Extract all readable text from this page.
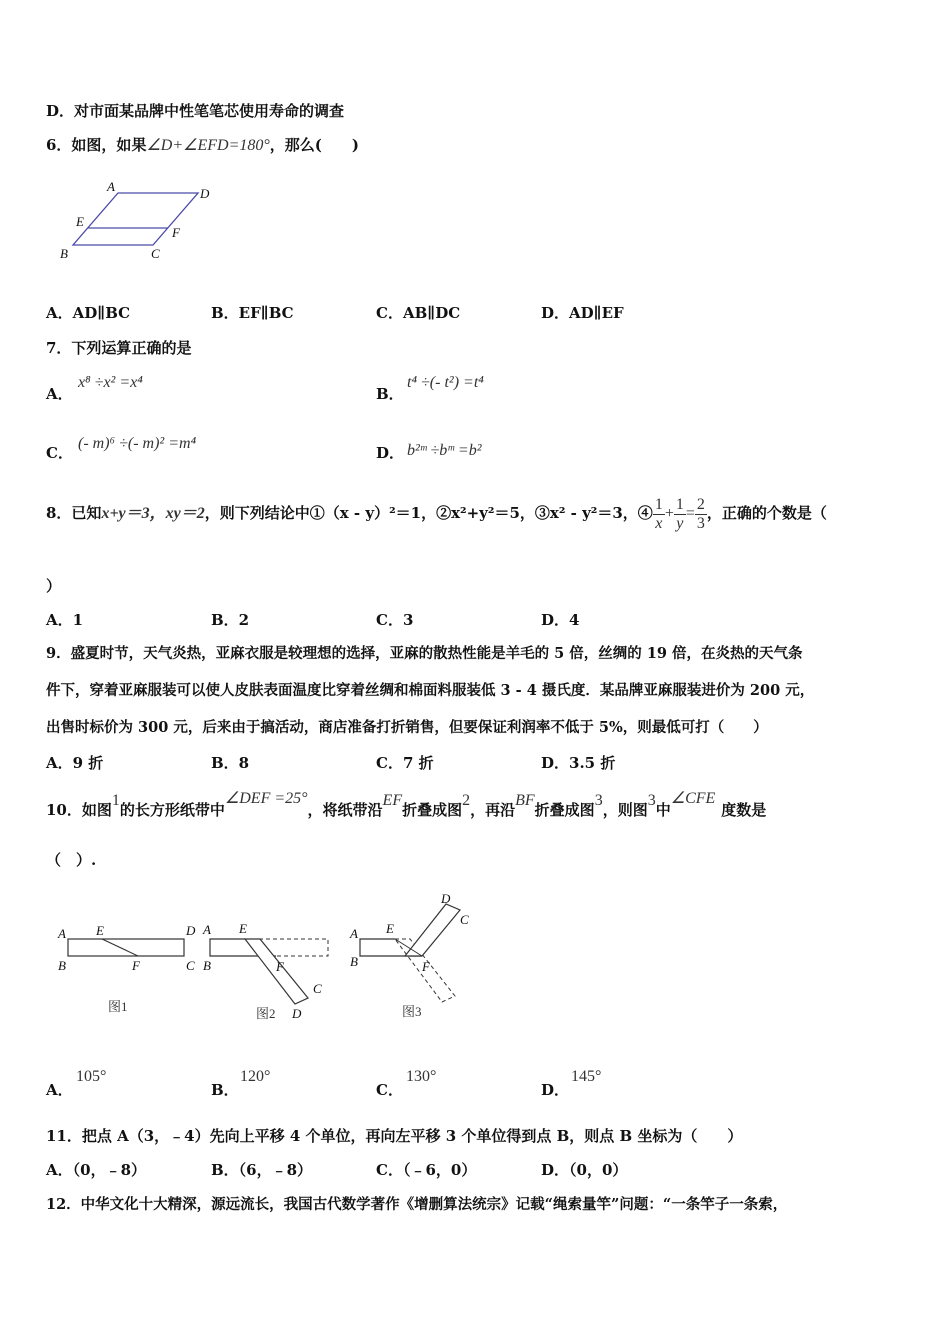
D．对市面某品牌中性笔笔芯使用寿命的调查
6．如图，如果∠D+∠EFD=180°，那么(　　)
A	D
E
F
B	C
A．AD∥BC	B．EF∥BC	C．AB∥DC	D．AD∥EF
7．下列运算正确的是
A．
x⁸ ÷x² =x⁴
B．
t⁴ ÷(- t²) =t⁴
C．
(- m)⁶ ÷(- m)² =m⁴
D． b²ᵐ ÷bᵐ =b²
8．已知x+y＝3，xy＝2，则下列结论中①（x - y）²＝1，②x²+y²＝5，③x² - y²＝3，④ $\frac{1}{x} + \frac{1}{y} = \frac{2}{3}$ ，正确的个数是（
）
A．1	B．2	C．3	D．4
9．盛夏时节，天气炎热，亚麻衣服是较理想的选择，亚麻的散热性能是羊毛的 5 倍，丝绸的 19 倍，在炎热的天气条
件下，穿着亚麻服装可以使人皮肤表面温度比穿着丝绸和棉面料服装低 3 - 4 摄氏度．某品牌亚麻服装进价为 200 元，
出售时标价为 300 元，后来由于搞活动，商店准备打折销售，但要保证利润率不低于 5%，则最低可打（　　）
A．9 折	B．8	C．7 折	D．3.5 折
10．如图1的长方形纸带中∠DEF =25°，将纸带沿EF折叠成图2，再沿BF折叠成图3，则图3中∠CFE度数是
（　）.
A E	D
B	F	C
图1
A E
B	F
C
D
图2
A E
D
C
B	F
图3
A．
105°
B．
120°
C．
130°
D．
145°
11．把点 A（3，﹣4）先向上平移 4 个单位，再向左平移 3 个单位得到点 B，则点 B 坐标为（　　）
A．（0，﹣8）	B．（6，﹣8）	C．（﹣6，0）	D．（0，0）
12．中华文化十大精深，源远流长，我国古代数学著作《增删算法统宗》记载“绳索量竿”问题：“一条竿子一条索，
